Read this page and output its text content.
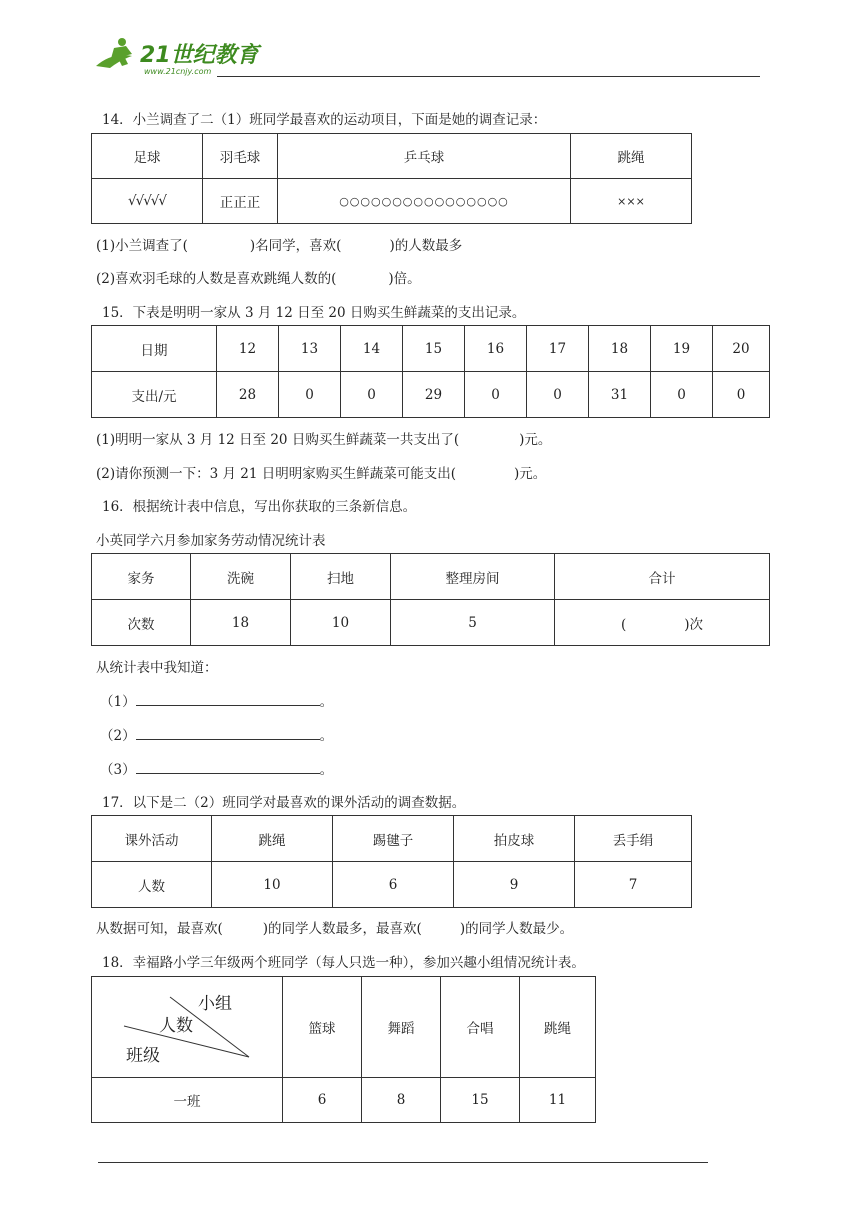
21世纪教育
www.21cnjy.com
14．小兰调查了二（1）班同学最喜欢的运动项目，下面是她的调查记录：
足球	羽毛球	乒乓球	跳绳
√√√√√	正正正	○○○○○○○○○○○○○○○○	×××
(1)小兰调查了(	)名同学，喜欢(	)的人数最多
(2)喜欢羽毛球的人数是喜欢跳绳人数的(	)倍。
15．下表是明明一家从 3 月 12 日至 20 日购买生鲜蔬菜的支出记录。
日期	12	13	14	15	16	17	18	19	20
支出/元	28	0	0	29	0	0	31	0	0
(1)明明一家从 3 月 12 日至 20 日购买生鲜蔬菜一共支出了(	)元。
(2)请你预测一下：3 月 21 日明明家购买生鲜蔬菜可能支出(	)元。
16．根据统计表中信息，写出你获取的三条新信息。
小英同学六月参加家务劳动情况统计表
家务	洗碗	扫地	整理房间	合计
次数	18	10	5	( )次
从统计表中我知道：
（1）	。
（2）	。
（3）	。
17．以下是二（2）班同学对最喜欢的课外活动的调查数据。
课外活动	跳绳	踢毽子	拍皮球	丢手绢
人数	10	6	9	7
从数据可知，最喜欢(	)的同学人数最多，最喜欢(	)的同学人数最少。
18．幸福路小学三年级两个班同学（每人只选一种），参加兴趣小组情况统计表。
小组
人数
班级	篮球	舞蹈	合唱	跳绳
一班	6	8	15	11
